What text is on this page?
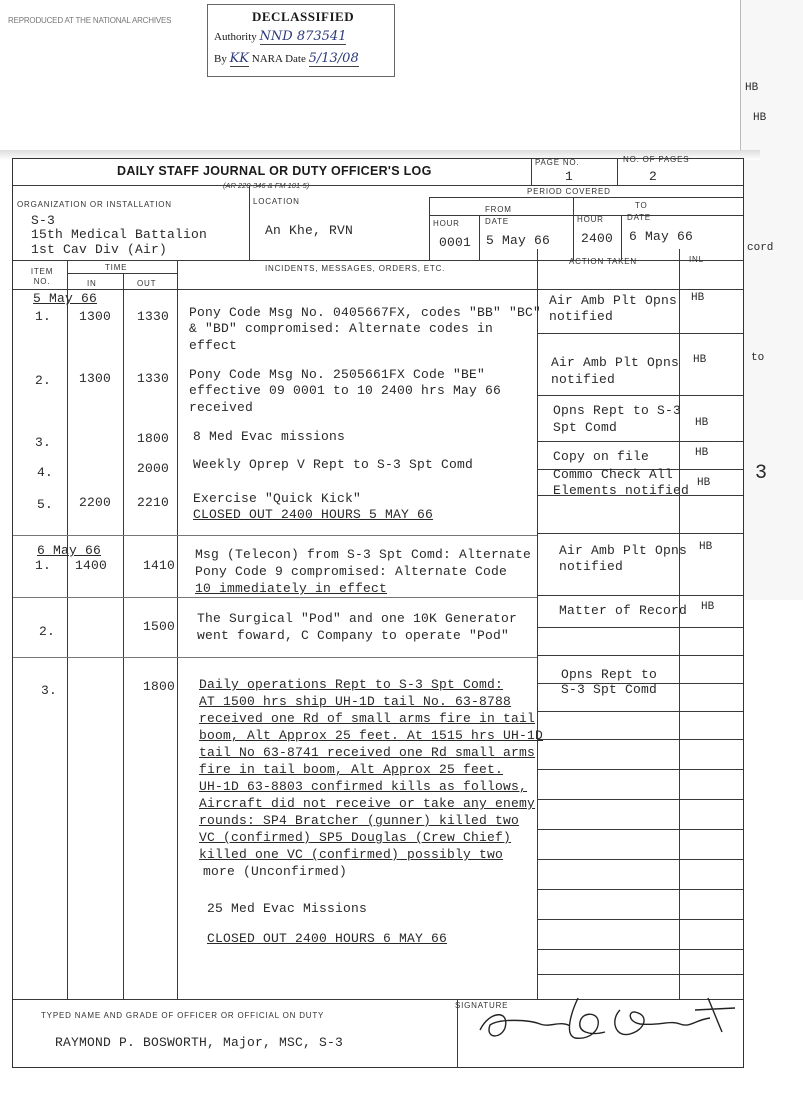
REPRODUCED AT THE NATIONAL ARCHIVES
HB
HB
cord
to
3
DECLASSIFIED
Authority NND 873541
By KK NARA Date 5/13/08
DAILY STAFF JOURNAL OR DUTY OFFICER'S LOG
PAGE NO.
1
NO. OF PAGES
2
PERIOD COVERED
ORGANIZATION OR INSTALLATION
S-3
15th Medical Battalion
1st Cav Div (Air)
LOCATION
An Khe, RVN
FROM	TO
HOUR	DATE	HOUR	DATE
0001 5 May 66 2400 6 May 66
TIME
ITEM NO.	IN	OUT
INCIDENTS, MESSAGES, ORDERS, ETC.
ACTION TAKEN	INL
5 May 66
1. 1300 1330 Pony Code Msg No. 0405667FX, codes "BB" "BC"
& "BD" compromised: Alternate codes in
effect
Air Amb Plt Opns
notified
HB
2. 1300 1330 Pony Code Msg No. 2505661FX Code "BE"
effective 09 0001 to 10 2400 hrs May 66
received
Air Amb Plt Opns
notified
HB
3.	1800 8 Med Evac missions
Opns Rept to S-3
Spt Comd	HB
4.	2000 Weekly Oprep V Rept to S-3 Spt Comd
Copy on file	HB
5. 2200 2210 Exercise "Quick Kick"
CLOSED OUT 2400 HOURS 5 MAY 66
Commo Check All
Elements notified HB
6 May 66
1. 1400	1410
Msg (Telecon) from S-3 Spt Comd: Alternate
Pony Code 9 compromised: Alternate Code
10 immediately in effect
Air Amb Plt Opns
notified
HB
2.	1500
The Surgical "Pod" and one 10K Generator
went foward, C Company to operate "Pod"
Matter of Record HB
3.	1800 Daily operations Rept to S-3 Spt Comd:
AT 1500 hrs ship UH-1D tail No. 63-8788
received one Rd of small arms fire in tail
boom, Alt Approx 25 feet. At 1515 hrs UH-1D
tail No 63-8741 received one Rd small arms
fire in tail boom, Alt Approx 25 feet.
UH-1D 63-8803 confirmed kills as follows,
Aircraft did not receive or take any enemy
rounds: SP4 Bratcher (gunner) killed two
VC (confirmed) SP5 Douglas (Crew Chief)
killed one VC (confirmed) possibly two
more (Unconfirmed)
Opns Rept to
S-3 Spt Comd
25 Med Evac Missions
CLOSED OUT 2400 HOURS 6 MAY 66
TYPED NAME AND GRADE OF OFFICER OR OFFICIAL ON DUTY
RAYMOND P. BOSWORTH, Major, MSC, S-3
SIGNATURE
